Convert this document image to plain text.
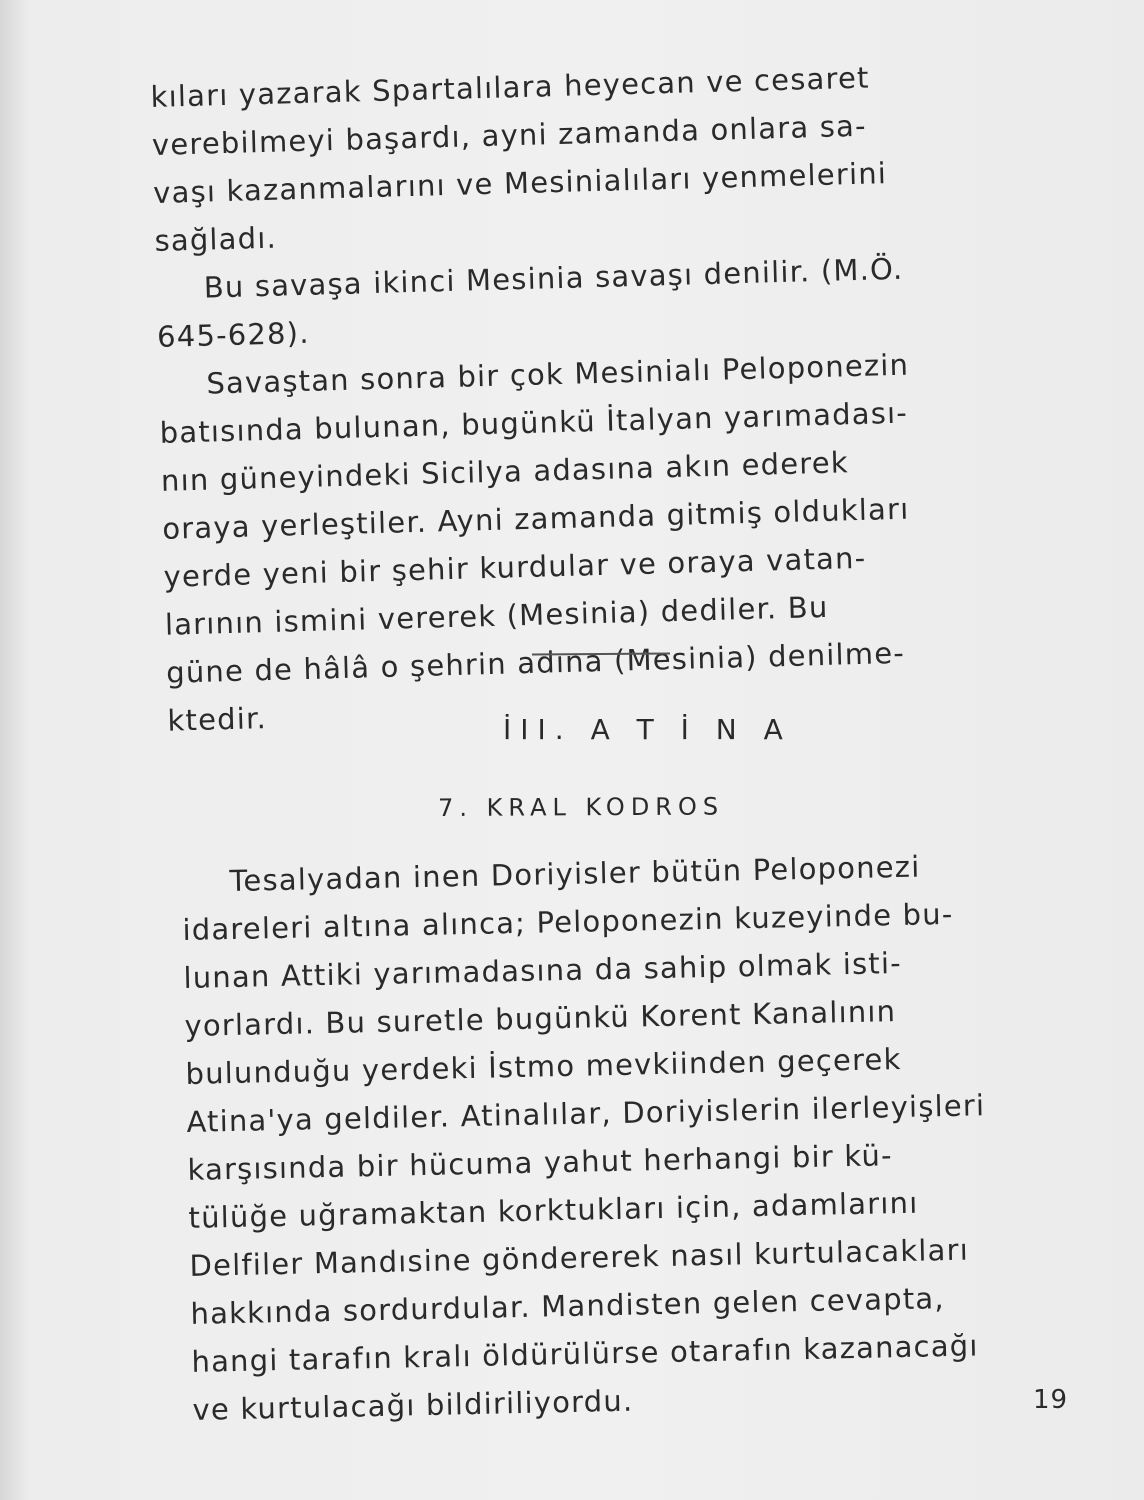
kıları yazarak Spartalılara heyecan ve cesaret
verebilmeyi başardı, ayni zamanda onlara sa-
vaşı kazanmalarını ve Mesinialıları yenmelerini
sağladı.
Bu savaşa ikinci Mesinia savaşı denilir. (M.Ö.
645-628).
Savaştan sonra bir çok Mesinialı Peloponezin
batısında bulunan, bugünkü İtalyan yarımadası-
nın güneyindeki Sicilya adasına akın ederek
oraya yerleştiler. Ayni zamanda gitmiş oldukları
yerde yeni bir şehir kurdular ve oraya vatan-
larının ismini vererek (Mesinia) dediler. Bu
güne de hâlâ o şehrin adına (Mesinia) denilme-
ktedir.	İII. A T İ N A
7. KRAL KODROS
Tesalyadan inen Doriyisler bütün Peloponezi
idareleri altına alınca; Peloponezin kuzeyinde bu-
lunan Attiki yarımadasına da sahip olmak isti-
yorlardı. Bu suretle bugünkü Korent Kanalının
bulunduğu yerdeki İstmo mevkiinden geçerek
Atina'ya geldiler. Atinalılar, Doriyislerin ilerleyişleri
karşısında bir hücuma yahut herhangi bir kü-
tülüğe uğramaktan korktukları için, adamlarını
Delfiler Mandısine göndererek nasıl kurtulacakları
hakkında sordurdular. Mandisten gelen cevapta,
hangi tarafın kralı öldürülürse otarafın kazanacağı
ve kurtulacağı bildiriliyordu.	19
